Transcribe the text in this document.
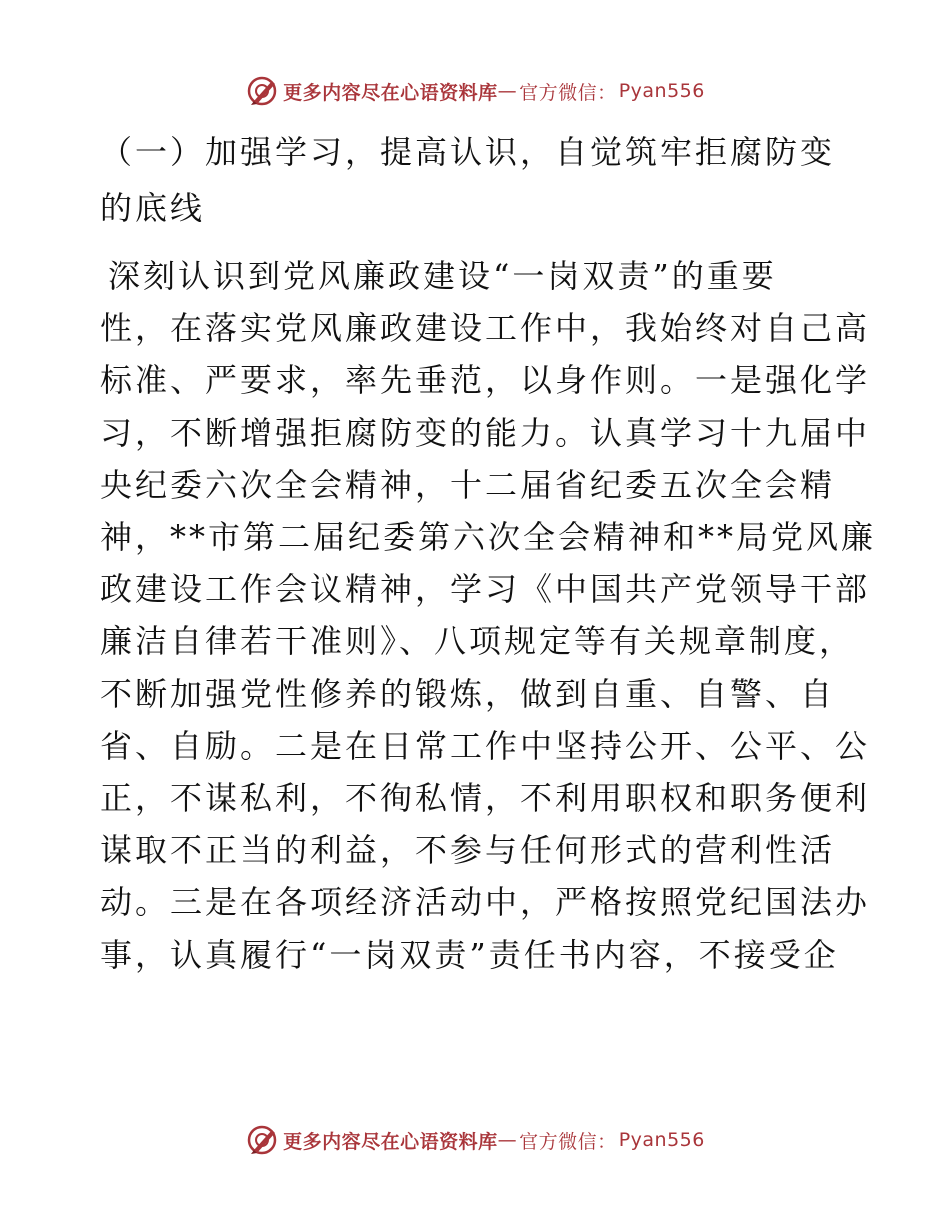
更多内容尽在心语资料库 — 官方微信： Pyan556
（一）加强学习，提高认识，自觉筑牢拒腐防变
的底线

深刻认识到党风廉政建设“一岗双责”的重要
性，在落实党风廉政建设工作中，我始终对自己高
标准、严要求，率先垂范，以身作则。一是强化学
习，不断增强拒腐防变的能力。认真学习十九届中
央纪委六次全会精神，十二届省纪委五次全会精
神，**市第二届纪委第六次全会精神和**局党风廉
政建设工作会议精神，学习《中国共产党领导干部
廉洁自律若干准则》、八项规定等有关规章制度，
不断加强党性修养的锻炼，做到自重、自警、自
省、自励。二是在日常工作中坚持公开、公平、公
正，不谋私利，不徇私情，不利用职权和职务便利
谋取不正当的利益，不参与任何形式的营利性活
动。三是在各项经济活动中，严格按照党纪国法办
事，认真履行“一岗双责”责任书内容，不接受企

更多内容尽在心语资料库 — 官方微信： Pyan556
